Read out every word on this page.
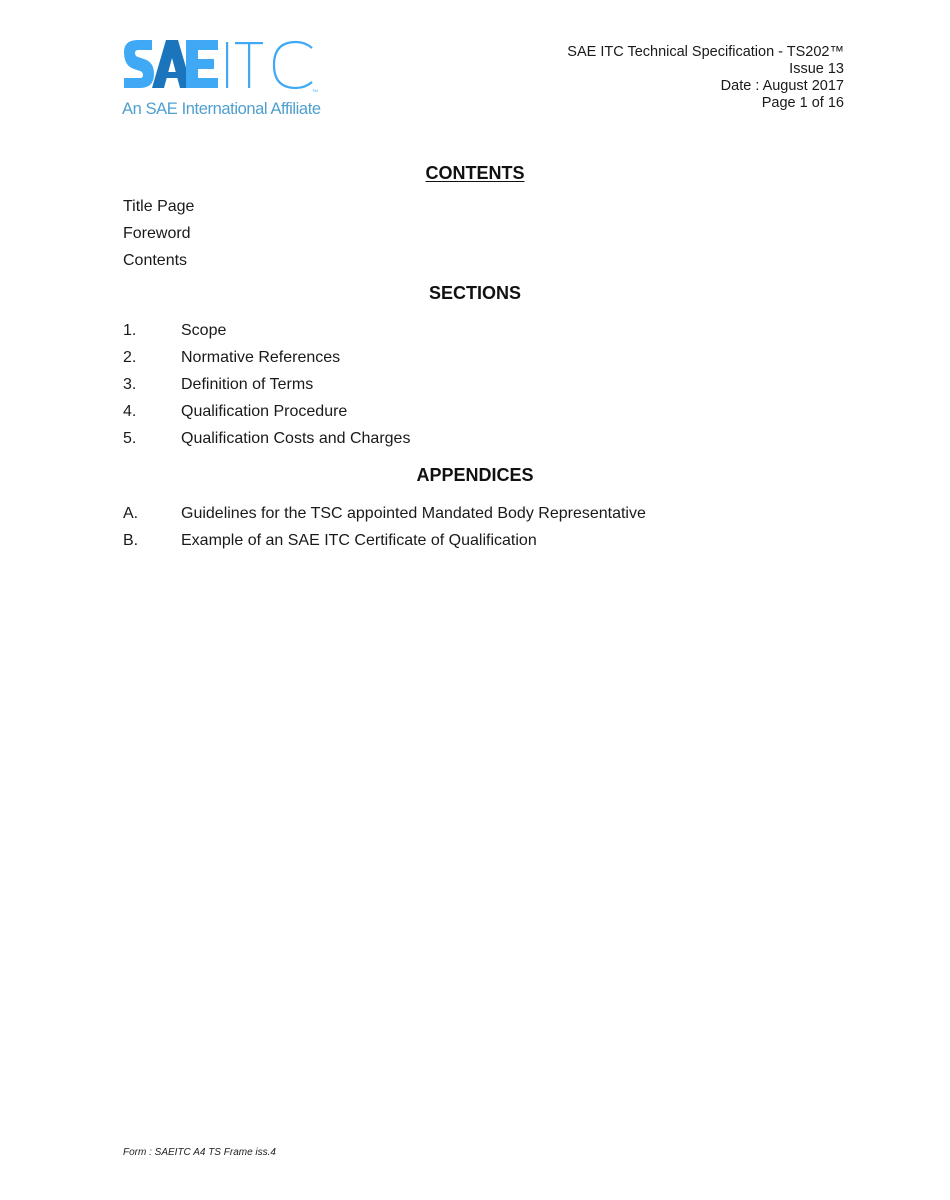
TM
An SAE International Affiliate
SAE ITC Technical Specification - TS202™
Issue 13
Date : August 2017
Page 1 of 16
CONTENTS
Title Page
Foreword
Contents
SECTIONS
1.	Scope
2.	Normative References
3.	Definition of Terms
4.	Qualification Procedure
5.	Qualification Costs and Charges
APPENDICES
A.	Guidelines for the TSC appointed Mandated Body Representative
B.	Example of an SAE ITC Certificate of Qualification
Form : SAEITC A4 TS Frame iss.4
